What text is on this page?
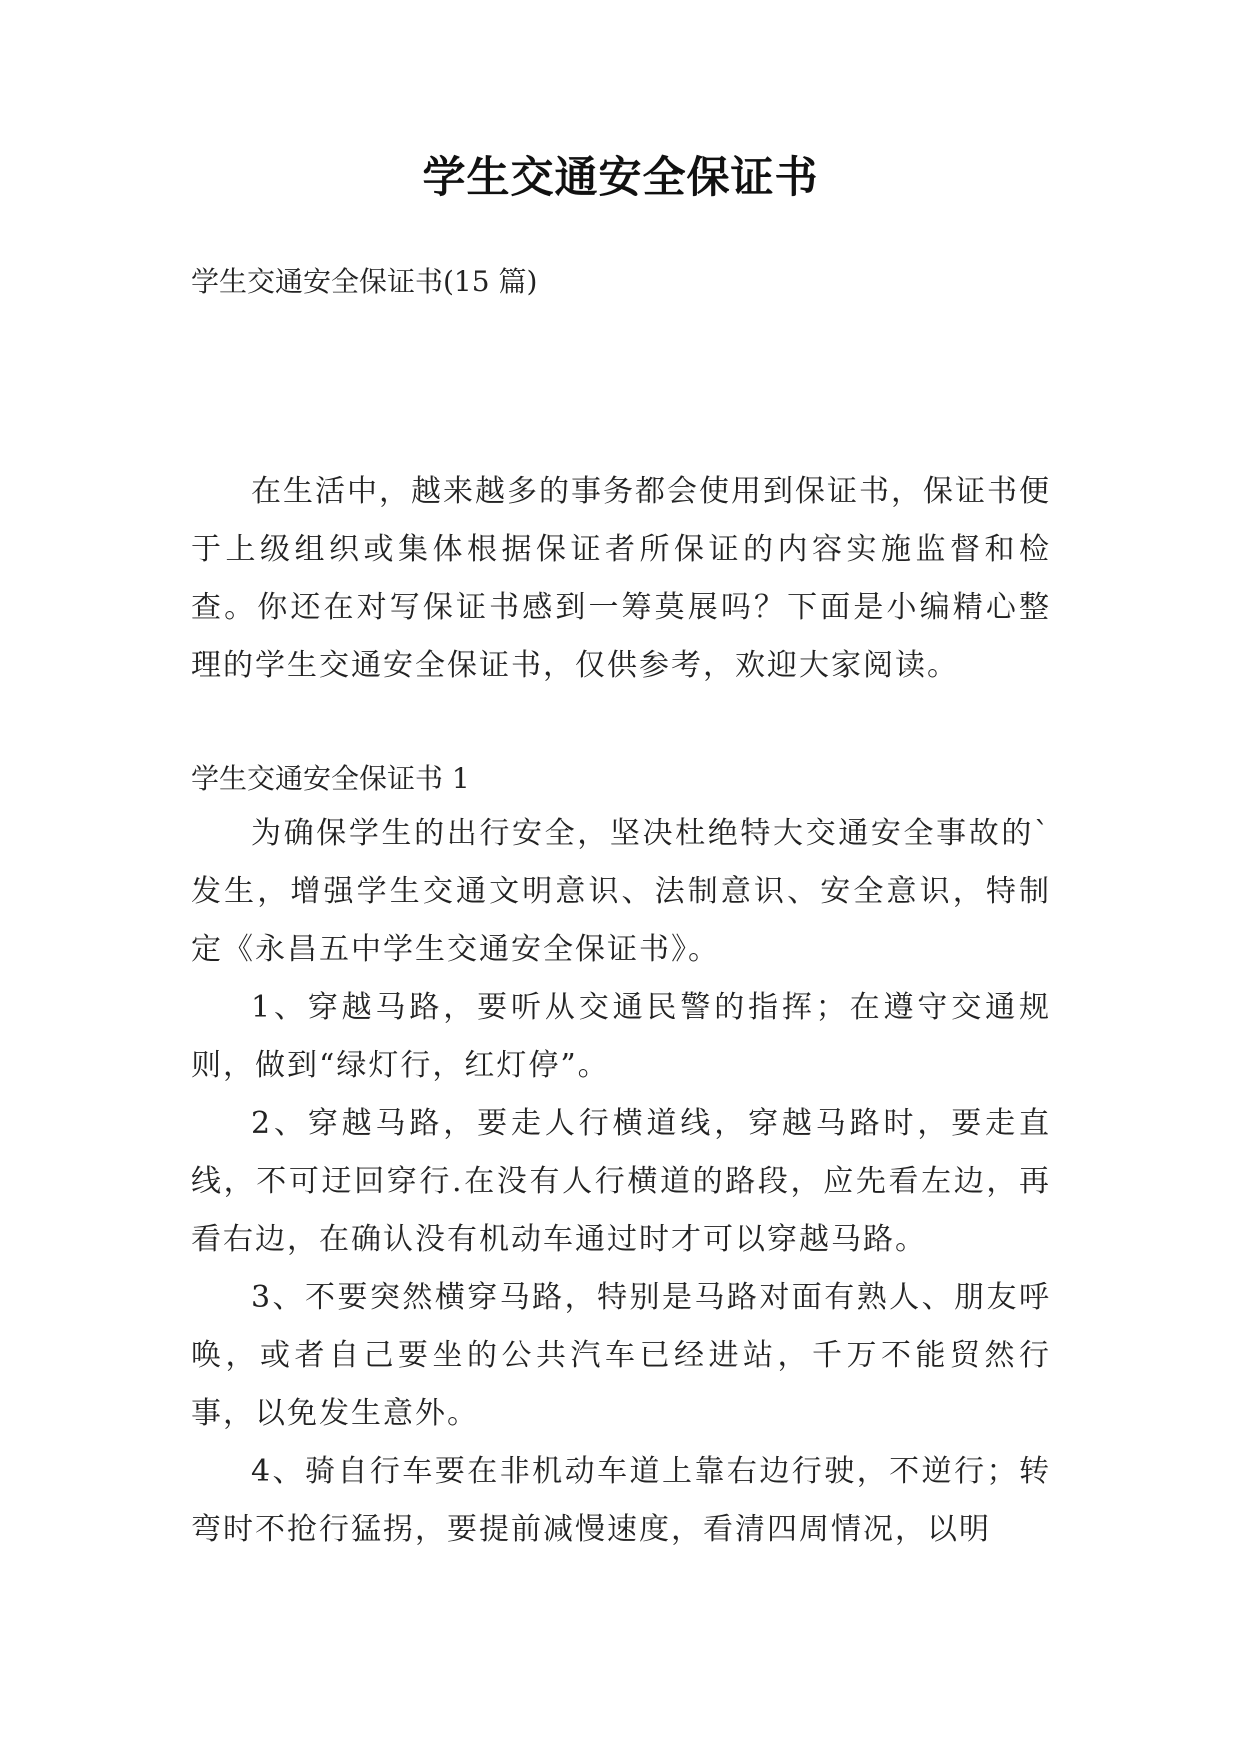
学生交通安全保证书
学生交通安全保证书(15 篇)

在生活中，越来越多的事务都会使用到保证书，保证书便于上级组织或集体根据保证者所保证的内容实施监督和检查。你还在对写保证书感到一筹莫展吗？下面是小编精心整理的学生交通安全保证书，仅供参考，欢迎大家阅读。

学生交通安全保证书 1

为确保学生的出行安全，坚决杜绝特大交通安全事故的`发生，增强学生交通文明意识、法制意识、安全意识，特制定《永昌五中学生交通安全保证书》。

1、穿越马路，要听从交通民警的指挥；在遵守交通规则，做到“绿灯行，红灯停”。

2、穿越马路，要走人行横道线，穿越马路时，要走直线，不可迂回穿行.在没有人行横道的路段，应先看左边，再看右边，在确认没有机动车通过时才可以穿越马路。

3、不要突然横穿马路，特别是马路对面有熟人、朋友呼唤，或者自己要坐的公共汽车已经进站，千万不能贸然行事，以免发生意外。

4、骑自行车要在非机动车道上靠右边行驶，不逆行；转弯时不抢行猛拐，要提前减慢速度，看清四周情况，以明
